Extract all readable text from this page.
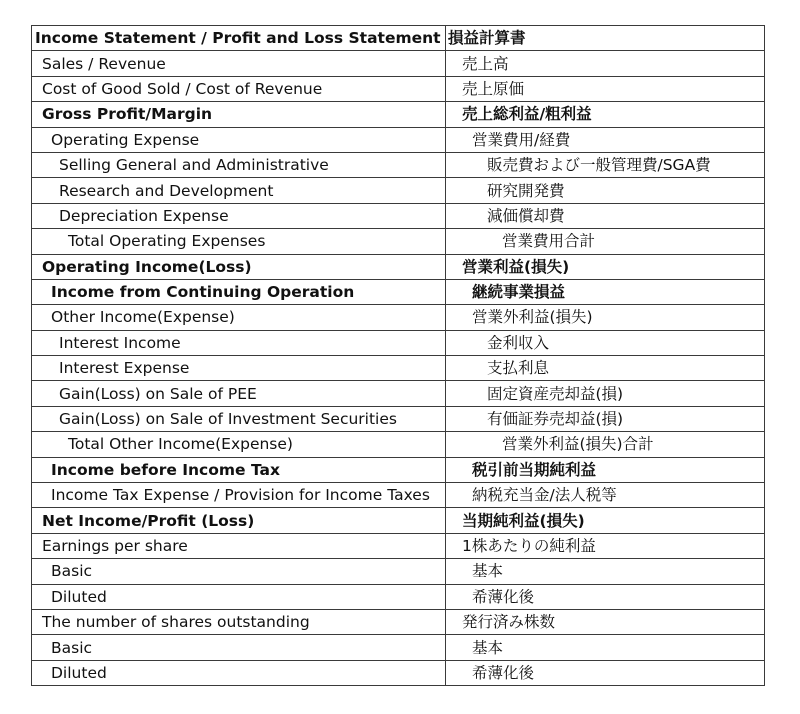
Income Statement / Profit and Loss Statement	損益計算書
Sales / Revenue	売上高
Cost of Good Sold / Cost of Revenue	売上原価
Gross Profit/Margin	売上総利益/粗利益
Operating Expense	営業費用/経費
Selling General and Administrative	販売費および一般管理費/SGA費
Research and Development	研究開発費
Depreciation Expense	減価償却費
Total Operating Expenses	営業費用合計
Operating Income(Loss)	営業利益(損失)
Income from Continuing Operation	継続事業損益
Other Income(Expense)	営業外利益(損失)
Interest Income	金利収入
Interest Expense	支払利息
Gain(Loss) on Sale of PEE	固定資産売却益(損)
Gain(Loss) on Sale of Investment Securities	有価証券売却益(損)
Total Other Income(Expense)	営業外利益(損失)合計
Income before Income Tax	税引前当期純利益
Income Tax Expense / Provision for Income Taxes	納税充当金/法人税等
Net Income/Profit (Loss)	当期純利益(損失)
Earnings per share	1株あたりの純利益
Basic	基本
Diluted	希薄化後
The number of shares outstanding	発行済み株数
Basic	基本
Diluted	希薄化後
